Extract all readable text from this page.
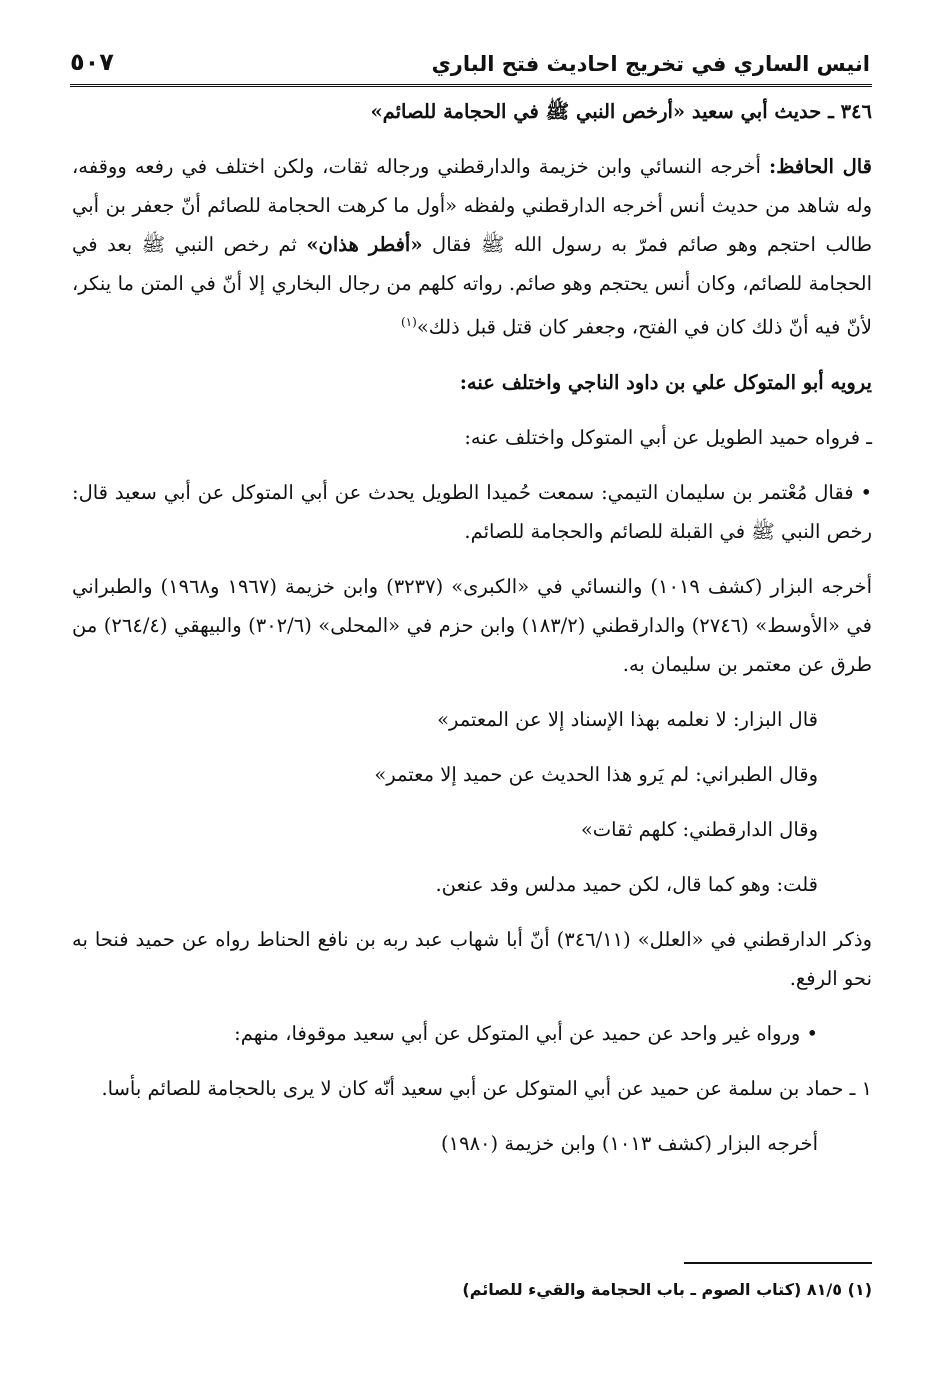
انيس الساري في تخريج احاديث فتح الباري
٥٠٧

٣٤٦ ـ حديث أبي سعيد «أرخص النبي ﷺ في الحجامة للصائم»

قال الحافظ: أخرجه النسائي وابن خزيمة والدارقطني ورجاله ثقات، ولكن اختلف في رفعه ووقفه، وله شاهد من حديث أنس أخرجه الدارقطني ولفظه «أول ما كرهت الحجامة للصائم أنّ جعفر بن أبي طالب احتجم وهو صائم فمرّ به رسول الله ﷺ فقال «أفطر هذان» ثم رخص النبي ﷺ بعد في الحجامة للصائم، وكان أنس يحتجم وهو صائم. رواته كلهم من رجال البخاري إلا أنّ في المتن ما ينكر، لأنّ فيه أنّ ذلك كان في الفتح، وجعفر كان قتل قبل ذلك»$^{(١)}$

يرويه أبو المتوكل علي بن داود الناجي واختلف عنه:

ـ فرواه حميد الطويل عن أبي المتوكل واختلف عنه:

• فقال مُعْتمر بن سليمان التيمي: سمعت حُميدا الطويل يحدث عن أبي المتوكل عن أبي سعيد قال: رخص النبي ﷺ في القبلة للصائم والحجامة للصائم.

أخرجه البزار (كشف ١٠١٩) والنسائي في «الكبرى» (٣٢٣٧) وابن خزيمة (١٩٦٧ و١٩٦٨) والطبراني في «الأوسط» (٢٧٤٦) والدارقطني (١٨٣/٢) وابن حزم في «المحلى» (٣٠٢/٦) والبيهقي (٢٦٤/٤) من طرق عن معتمر بن سليمان به.

قال البزار: لا نعلمه بهذا الإسناد إلا عن المعتمر»

وقال الطبراني: لم يَرو هذا الحديث عن حميد إلا معتمر»

وقال الدارقطني: كلهم ثقات»

قلت: وهو كما قال، لكن حميد مدلس وقد عنعن.

وذكر الدارقطني في «العلل» (٣٤٦/١١) أنّ أبا شهاب عبد ربه بن نافع الحناط رواه عن حميد فنحا به نحو الرفع.

• ورواه غير واحد عن حميد عن أبي المتوكل عن أبي سعيد موقوفا، منهم:

١ ـ حماد بن سلمة عن حميد عن أبي المتوكل عن أبي سعيد أنّه كان لا يرى بالحجامة للصائم بأسا.

أخرجه البزار (كشف ١٠١٣) وابن خزيمة (١٩٨٠)

(١) ٨١/٥ (كتاب الصوم ـ باب الحجامة والقيء للصائم)
